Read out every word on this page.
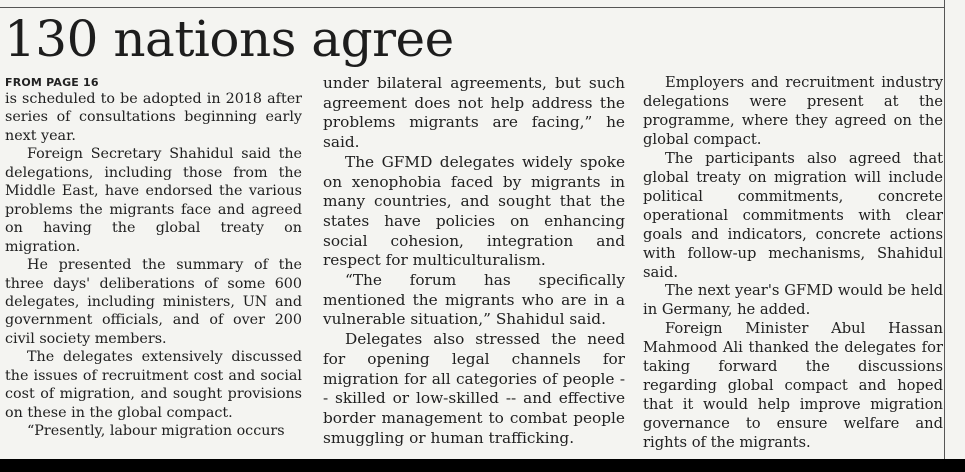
130 nations agree
FROM PAGE 16

is scheduled to be adopted in 2018 after series of consultations beginning early next year.

Foreign Secretary Shahidul said the delegations, including those from the Middle East, have endorsed the various problems the migrants face and agreed on having the global treaty on migration.

He presented the summary of the three days' deliberations of some 600 delegates, including ministers, UN and government officials, and of over 200 civil society members.

The delegates extensively discussed the issues of recruitment cost and social cost of migration, and sought provisions on these in the global compact.

“Presently, labour migration occurs

under bilateral agreements, but such agreement does not help address the problems migrants are facing,” he said.

The GFMD delegates widely spoke on xenophobia faced by migrants in many countries, and sought that the states have policies on enhancing social cohesion, integration and respect for multiculturalism.

“The forum has specifically mentioned the migrants who are in a vulnerable situation,” Shahidul said.

Delegates also stressed the need for opening legal channels for migration for all categories of people -- skilled or low-skilled -- and effective border management to combat people smuggling or human trafficking.

Employers and recruitment industry delegations were present at the programme, where they agreed on the global compact.

The participants also agreed that global treaty on migration will include political commitments, concrete operational commitments with clear goals and indicators, concrete actions with follow-up mechanisms, Shahidul said.

The next year's GFMD would be held in Germany, he added.

Foreign Minister Abul Hassan Mahmood Ali thanked the delegates for taking forward the discussions regarding global compact and hoped that it would help improve migration governance to ensure welfare and rights of the migrants.
